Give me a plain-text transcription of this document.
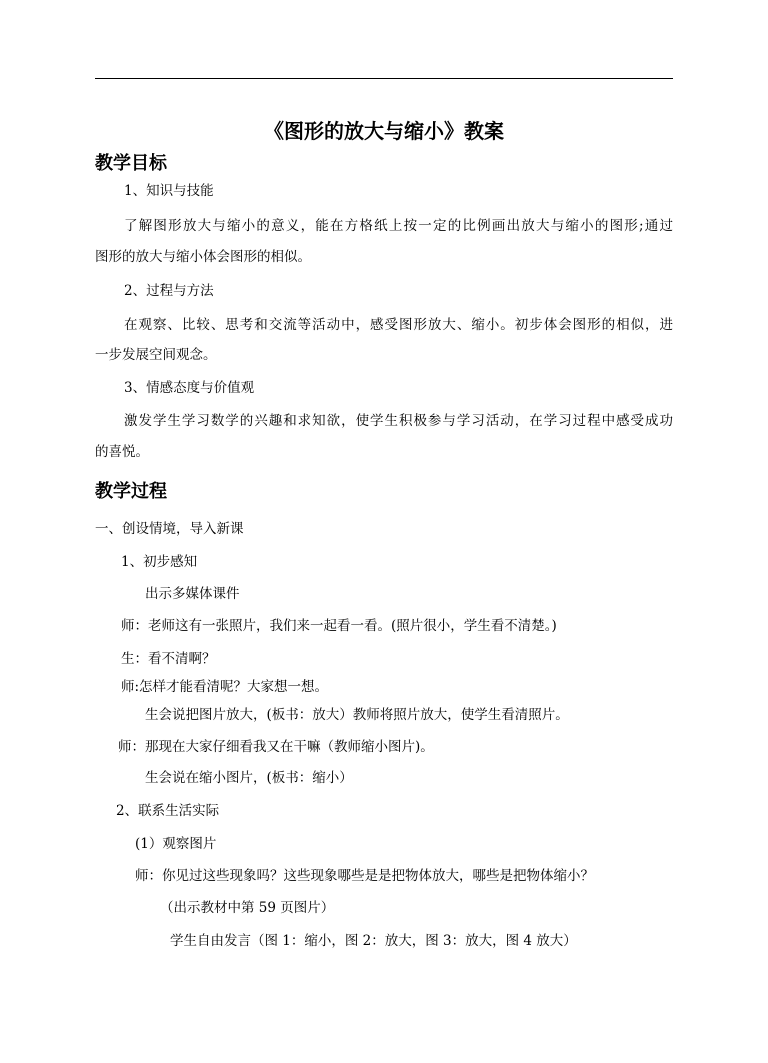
《图形的放大与缩小》教案
教学目标
1、知识与技能
了解图形放大与缩小的意义，能在方格纸上按一定的比例画出放大与缩小的图形;通过
图形的放大与缩小体会图形的相似。
2、过程与方法
在观察、比较、思考和交流等活动中，感受图形放大、缩小。初步体会图形的相似，进
一步发展空间观念。
3、情感态度与价值观
激发学生学习数学的兴趣和求知欲，使学生积极参与学习活动，在学习过程中感受成功
的喜悦。
教学过程
一、创设情境，导入新课
1、初步感知
出示多媒体课件
师：老师这有一张照片，我们来一起看一看。(照片很小，学生看不清楚。)
生：看不清啊？
师:怎样才能看清呢？大家想一想。
生会说把图片放大，(板书：放大）教师将照片放大，使学生看清照片。
师：那现在大家仔细看我又在干嘛（教师缩小图片)。
生会说在缩小图片，(板书：缩小）
2、联系生活实际
(1）观察图片
师：你见过这些现象吗？这些现象哪些是是把物体放大，哪些是把物体缩小？
（出示教材中第 59 页图片）
学生自由发言（图 1：缩小，图 2：放大，图 3：放大，图 4 放大）
